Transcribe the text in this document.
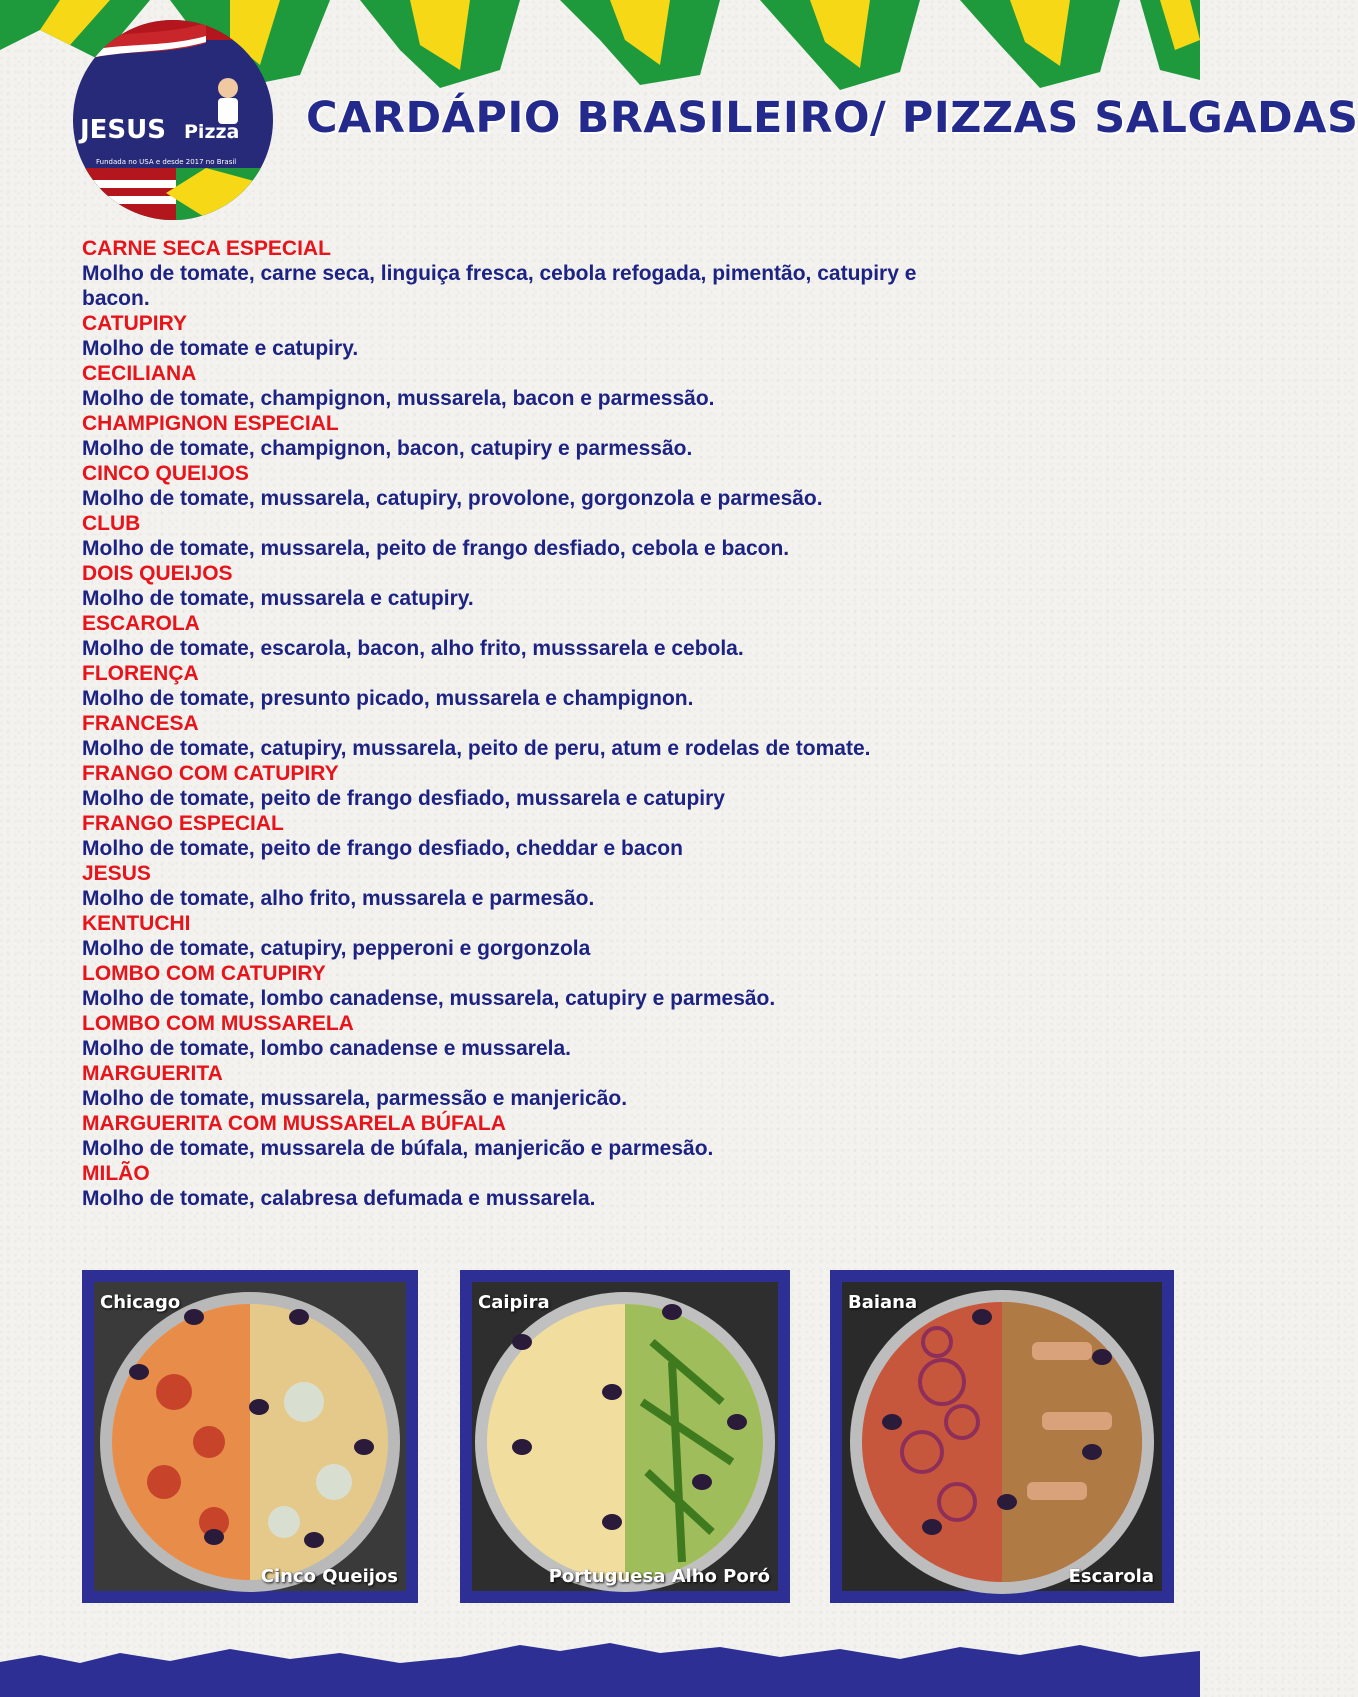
JESUS Pizza
Fundada no USA e desde 2017 no Brasil
CARDÁPIO BRASILEIRO/ PIZZAS SALGADAS
CARNE SECA ESPECIAL
Molho de tomate, carne seca, linguiça fresca, cebola refogada, pimentão, catupiry e bacon.
CATUPIRY
Molho de tomate e catupiry.
CECILIANA
Molho de tomate, champignon, mussarela, bacon e parmessão.
CHAMPIGNON ESPECIAL
Molho de tomate, champignon, bacon, catupiry e parmessão.
CINCO QUEIJOS
Molho de tomate, mussarela, catupiry, provolone, gorgonzola e parmesão.
CLUB
Molho de tomate, mussarela, peito de frango desfiado, cebola e bacon.
DOIS QUEIJOS
Molho de tomate, mussarela e catupiry.
ESCAROLA
Molho de tomate, escarola, bacon, alho frito, musssarela e cebola.
FLORENÇA
Molho de tomate, presunto picado, mussarela e champignon.
FRANCESA
Molho de tomate, catupiry, mussarela, peito de peru, atum e rodelas de tomate.
FRANGO COM CATUPIRY
Molho de tomate, peito de frango desfiado, mussarela e catupiry
FRANGO ESPECIAL
Molho de tomate, peito de frango desfiado, cheddar e bacon
JESUS
Molho de tomate, alho frito, mussarela e parmesão.
KENTUCHI
Molho de tomate, catupiry, pepperoni e gorgonzola
LOMBO COM CATUPIRY
Molho de tomate, lombo canadense, mussarela, catupiry e parmesão.
LOMBO COM MUSSARELA
Molho de tomate, lombo canadense e mussarela.
MARGUERITA
Molho de tomate, mussarela, parmessão e manjericão.
MARGUERITA COM MUSSARELA BÚFALA
Molho de tomate, mussarela de búfala, manjericão e parmesão.
MILÃO
Molho de tomate, calabresa defumada e mussarela.
Chicago
Cinco Queijos
Caipira
Portuguesa Alho Poró
Baiana
Escarola
